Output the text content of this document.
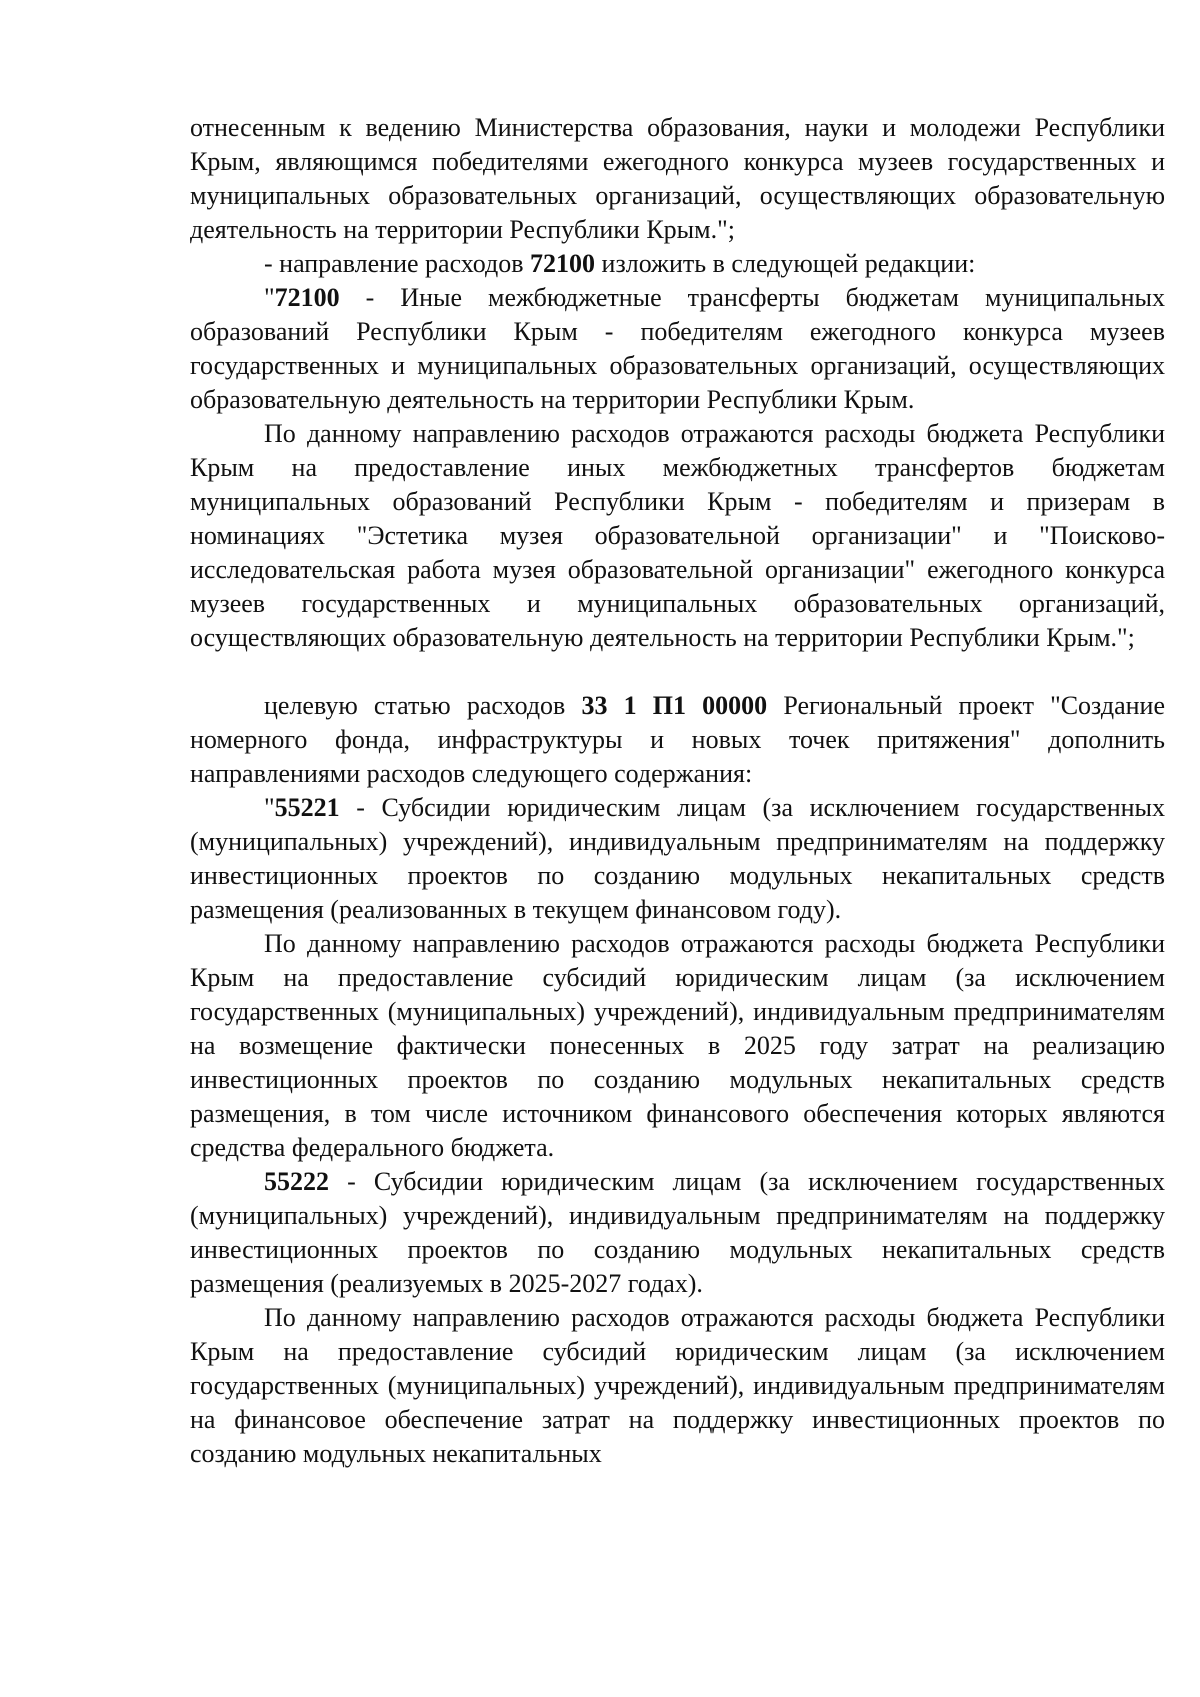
отнесенным к ведению Министерства образования, науки и молодежи Республики Крым, являющимся победителями ежегодного конкурса музеев государственных и муниципальных образовательных организаций, осуществляющих образовательную деятельность на территории Республики Крым.";

- направление расходов 72100 изложить в следующей редакции:

"72100 - Иные межбюджетные трансферты бюджетам муниципальных образований Республики Крым - победителям ежегодного конкурса музеев государственных и муниципальных образовательных организаций, осуществляющих образовательную деятельность на территории Республики Крым.

По данному направлению расходов отражаются расходы бюджета Республики Крым на предоставление иных межбюджетных трансфертов бюджетам муниципальных образований Республики Крым - победителям и призерам в номинациях "Эстетика музея образовательной организации" и "Поисково-исследовательская работа музея образовательной организации" ежегодного конкурса музеев государственных и муниципальных образовательных организаций, осуществляющих образовательную деятельность на территории Республики Крым.";

целевую статью расходов 33 1 П1 00000 Региональный проект "Создание номерного фонда, инфраструктуры и новых точек притяжения" дополнить направлениями расходов следующего содержания:

"55221 - Субсидии юридическим лицам (за исключением государственных (муниципальных) учреждений), индивидуальным предпринимателям на поддержку инвестиционных проектов по созданию модульных некапитальных средств размещения (реализованных в текущем финансовом году).

По данному направлению расходов отражаются расходы бюджета Республики Крым на предоставление субсидий юридическим лицам (за исключением государственных (муниципальных) учреждений), индивидуальным предпринимателям на возмещение фактически понесенных в 2025 году затрат на реализацию инвестиционных проектов по созданию модульных некапитальных средств размещения, в том числе источником финансового обеспечения которых являются средства федерального бюджета.

55222 - Субсидии юридическим лицам (за исключением государственных (муниципальных) учреждений), индивидуальным предпринимателям на поддержку инвестиционных проектов по созданию модульных некапитальных средств размещения (реализуемых в 2025-2027 годах).

По данному направлению расходов отражаются расходы бюджета Республики Крым на предоставление субсидий юридическим лицам (за исключением государственных (муниципальных) учреждений), индивидуальным предпринимателям на финансовое обеспечение затрат на поддержку инвестиционных проектов по созданию модульных некапитальных
